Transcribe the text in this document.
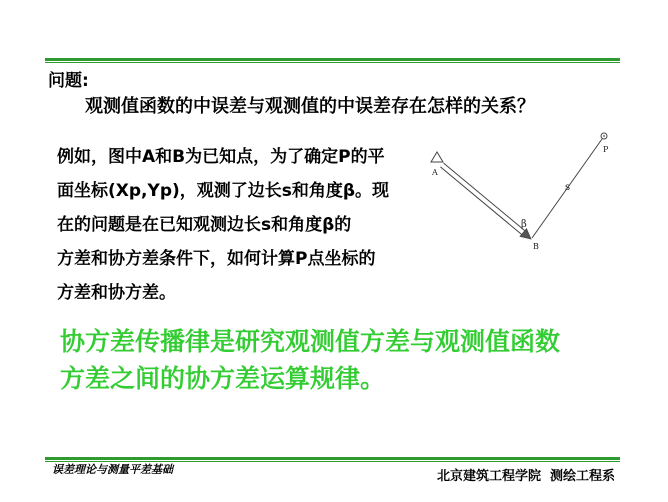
问题:
观测值函数的中误差与观测值的中误差存在怎样的关系？
例如，图中A和B为已知点，为了确定P的平
面坐标(Xp,Yp)，观测了边长s和角度β。现
在的问题是在已知观测边长s和角度β的
方差和协方差条件下，如何计算P点坐标的
方差和协方差。
A
B
P
s
β
协方差传播律是研究观测值方差与观测值函数
方差之间的协方差运算规律。
误差理论与测量平差基础	北京建筑工程学院  测绘工程系
